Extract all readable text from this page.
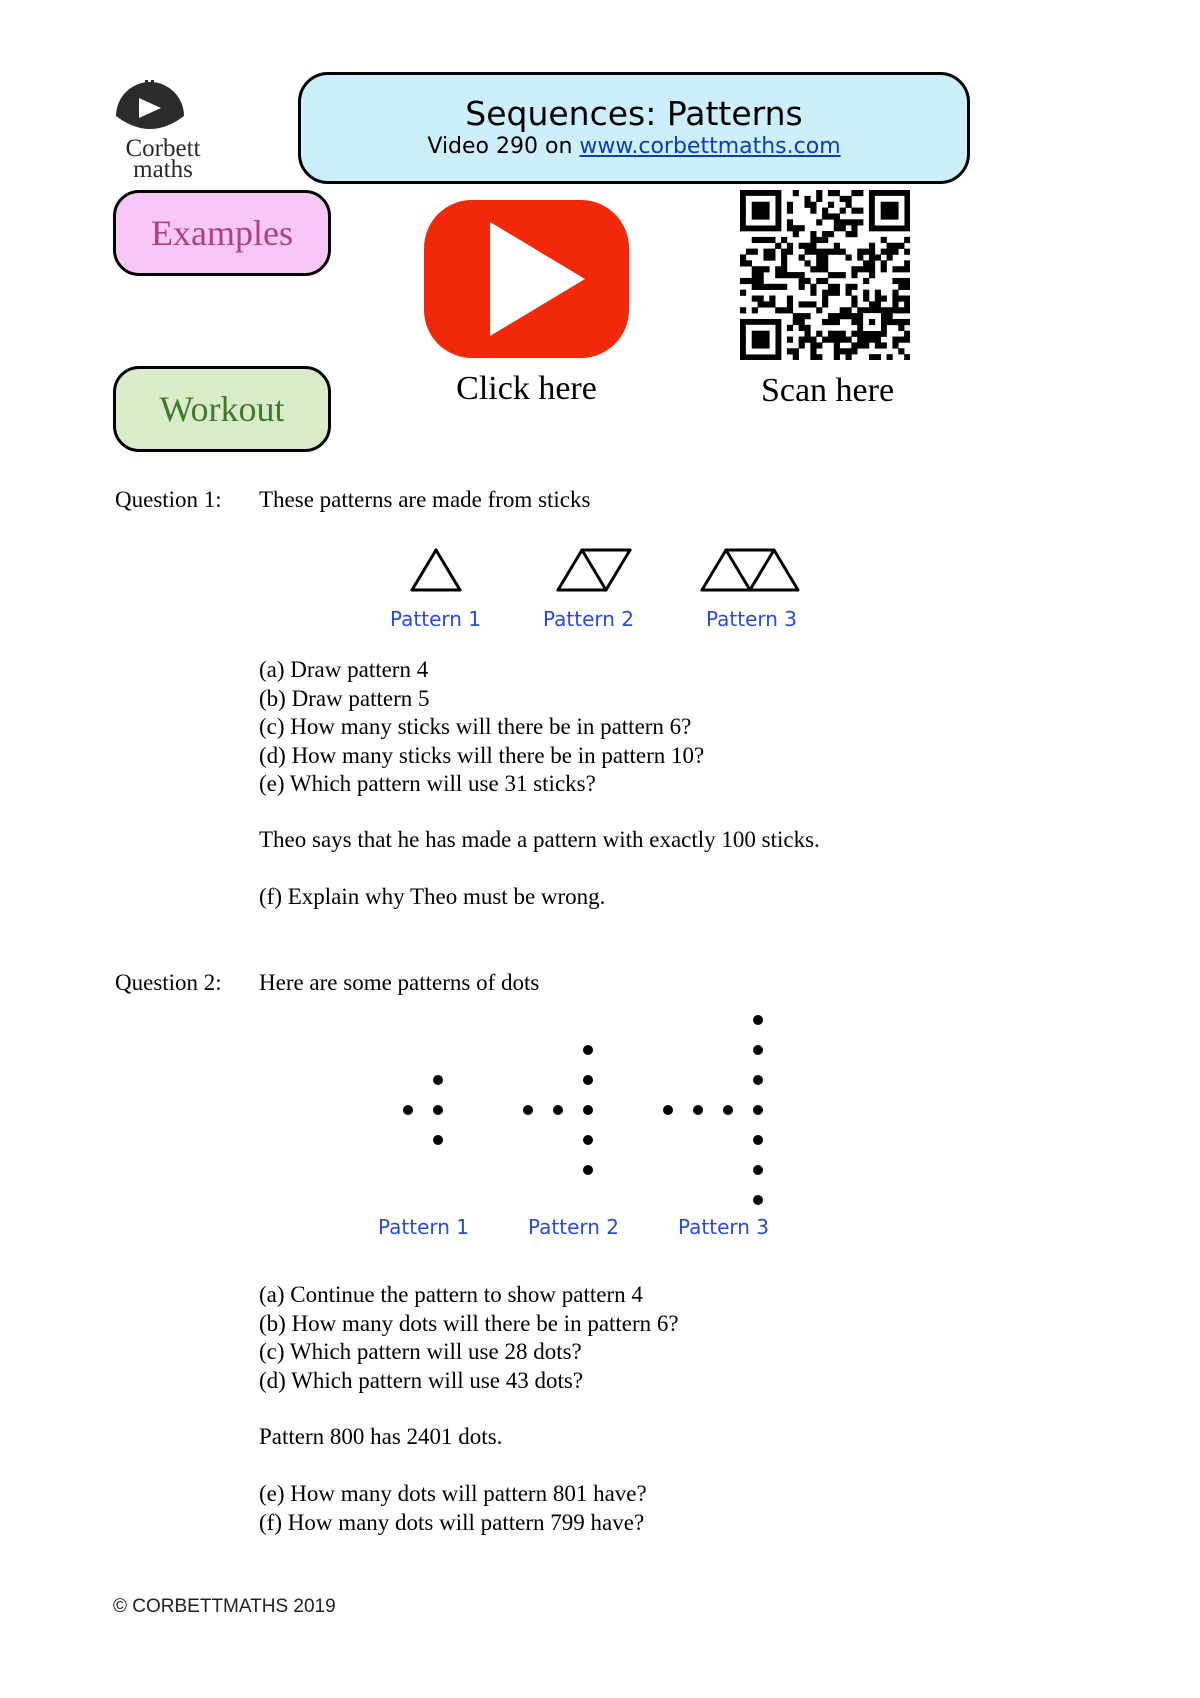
Corbett
maths
Sequences: Patterns
Video 290 on www.corbettmaths.com
Examples
Workout
Click here	Scan here
Question 1: These patterns are made from sticks
Pattern 1	Pattern 2	Pattern 3
(a) Draw pattern 4
(b) Draw pattern 5
(c) How many sticks will there be in pattern 6?
(d) How many sticks will there be in pattern 10?
(e) Which pattern will use 31 sticks?
Theo says that he has made a pattern with exactly 100 sticks.
(f) Explain why Theo must be wrong.
Question 2: Here are some patterns of dots
Pattern 1	Pattern 2	Pattern 3
(a) Continue the pattern to show pattern 4
(b) How many dots will there be in pattern 6?
(c) Which pattern will use 28 dots?
(d) Which pattern will use 43 dots?
Pattern 800 has 2401 dots.
(e) How many dots will pattern 801 have?
(f) How many dots will pattern 799 have?
© CORBETTMATHS 2019
